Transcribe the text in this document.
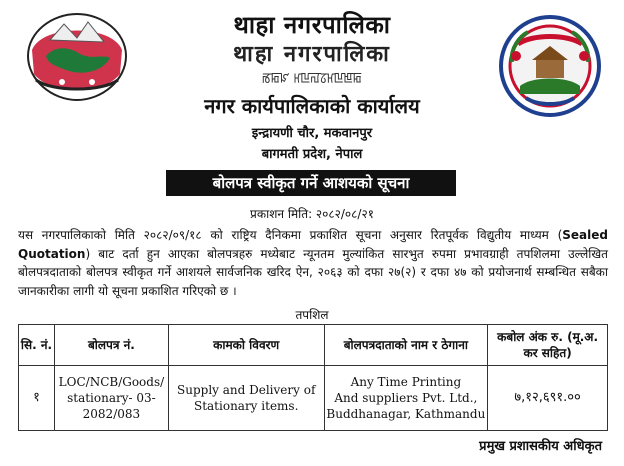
थाहा नगरपालिका
थाहा नगरपालिका
ꡏꡂꡜ ꡘꡖꡌꡞꡘꡖꡁꡂ
नगर कार्यपालिकाको कार्यालय
इन्द्रायणी चौर, मकवानपुर
बागमती प्रदेश, नेपाल
बोलपत्र स्वीकृत गर्ने आशयको सूचना
प्रकाशन मिति: २०८२/०८/२१
यस नगरपालिकाको मिति २०८२/०९/१८ को राष्ट्रिय दैनिकमा प्रकाशित सूचना अनुसार रितपूर्वक विद्युतीय माध्यम (Sealed Quotation) बाट दर्ता हुन आएका बोलपत्रहरु मध्येबाट न्यूनतम मुल्यांकित सारभुत रुपमा प्रभावग्राही तपशिलमा उल्लेखित बोलपत्रदाताको बोलपत्र स्वीकृत गर्ने आशयले सार्वजनिक खरिद ऐन, २०६३ को दफा २७(२) र दफा ४७ को प्रयोजनार्थ सम्बन्धित सबैका जानकारीका लागी यो सूचना प्रकाशित गरिएको छ ।
तपशिल
सि. नं.	बोलपत्र नं.	कामको विवरण	बोलपत्रदाताको नाम र ठेगाना	कबोल अंक रु. (मू.अ. कर सहित)
१	LOC/NCB/Goods/ stationary- 03-2082/083	Supply and Delivery of Stationary items.	Any Time Printing
And suppliers Pvt. Ltd.,
Buddhanagar, Kathmandu	७,१२,६९१.००
प्रमुख प्रशासकीय अधिकृत
